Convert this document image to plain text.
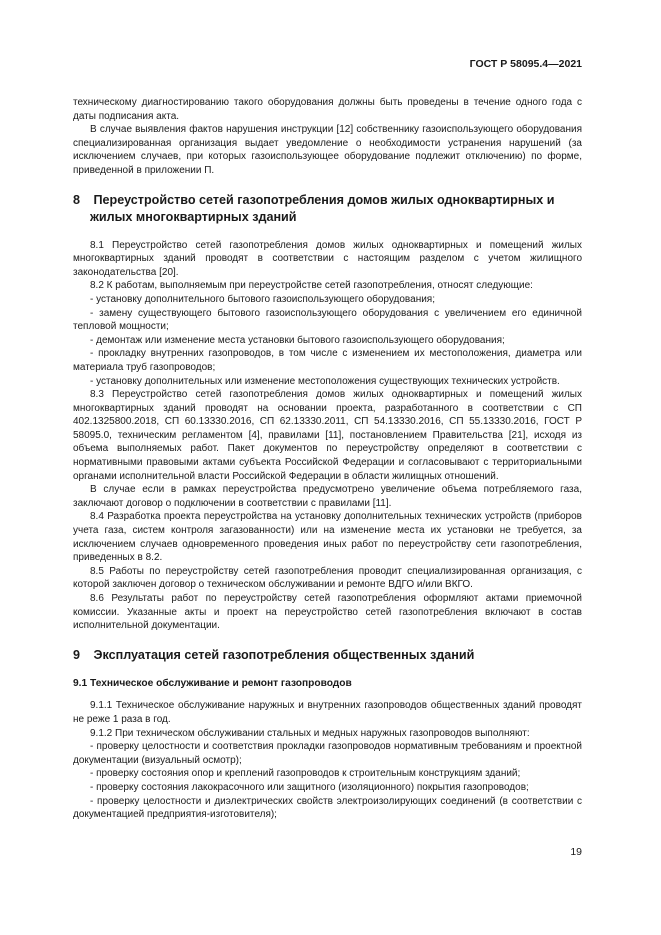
ГОСТ Р 58095.4—2021

техническому диагностированию такого оборудования должны быть проведены в течение одного года с даты подписания акта.

В случае выявления фактов нарушения инструкции [12] собственнику газоиспользующего оборудования специализированная организация выдает уведомление о необходимости устранения нарушений (за исключением случаев, при которых газоиспользующее оборудование подлежит отключению) по форме, приведенной в приложении П.

8 Переустройство сетей газопотребления домов жилых одноквартирных и жилых многоквартирных зданий

8.1 Переустройство сетей газопотребления домов жилых одноквартирных и помещений жилых многоквартирных зданий проводят в соответствии с настоящим разделом с учетом жилищного законодательства [20].

8.2 К работам, выполняемым при переустройстве сетей газопотребления, относят следующие:

- установку дополнительного бытового газоиспользующего оборудования;

- замену существующего бытового газоиспользующего оборудования с увеличением его единичной тепловой мощности;

- демонтаж или изменение места установки бытового газоиспользующего оборудования;

- прокладку внутренних газопроводов, в том числе с изменением их местоположения, диаметра или материала труб газопроводов;

- установку дополнительных или изменение местоположения существующих технических устройств.

8.3 Переустройство сетей газопотребления домов жилых одноквартирных и помещений жилых многоквартирных зданий проводят на основании проекта, разработанного в соответствии с СП 402.1325800.2018, СП 60.13330.2016, СП 62.13330.2011, СП 54.13330.2016, СП 55.13330.2016, ГОСТ Р 58095.0, техническим регламентом [4], правилами [11], постановлением Правительства [21], исходя из объема выполняемых работ. Пакет документов по переустройству определяют в соответствии с нормативными правовыми актами субъекта Российской Федерации и согласовывают с территориальными органами исполнительной власти Российской Федерации в области жилищных отношений.

В случае если в рамках переустройства предусмотрено увеличение объема потребляемого газа, заключают договор о подключении в соответствии с правилами [11].

8.4 Разработка проекта переустройства на установку дополнительных технических устройств (приборов учета газа, систем контроля загазованности) или на изменение места их установки не требуется, за исключением случаев одновременного проведения иных работ по переустройству сети газопотребления, приведенных в 8.2.

8.5 Работы по переустройству сетей газопотребления проводит специализированная организация, с которой заключен договор о техническом обслуживании и ремонте ВДГО и/или ВКГО.

8.6 Результаты работ по переустройству сетей газопотребления оформляют актами приемочной комиссии. Указанные акты и проект на переустройство сетей газопотребления включают в состав исполнительной документации.

9 Эксплуатация сетей газопотребления общественных зданий

9.1 Техническое обслуживание и ремонт газопроводов

9.1.1 Техническое обслуживание наружных и внутренних газопроводов общественных зданий проводят не реже 1 раза в год.

9.1.2 При техническом обслуживании стальных и медных наружных газопроводов выполняют:

- проверку целостности и соответствия прокладки газопроводов нормативным требованиям и проектной документации (визуальный осмотр);

- проверку состояния опор и креплений газопроводов к строительным конструкциям зданий;

- проверку состояния лакокрасочного или защитного (изоляционного) покрытия газопроводов;

- проверку целостности и диэлектрических свойств электроизолирующих соединений (в соответствии с документацией предприятия-изготовителя);

19
